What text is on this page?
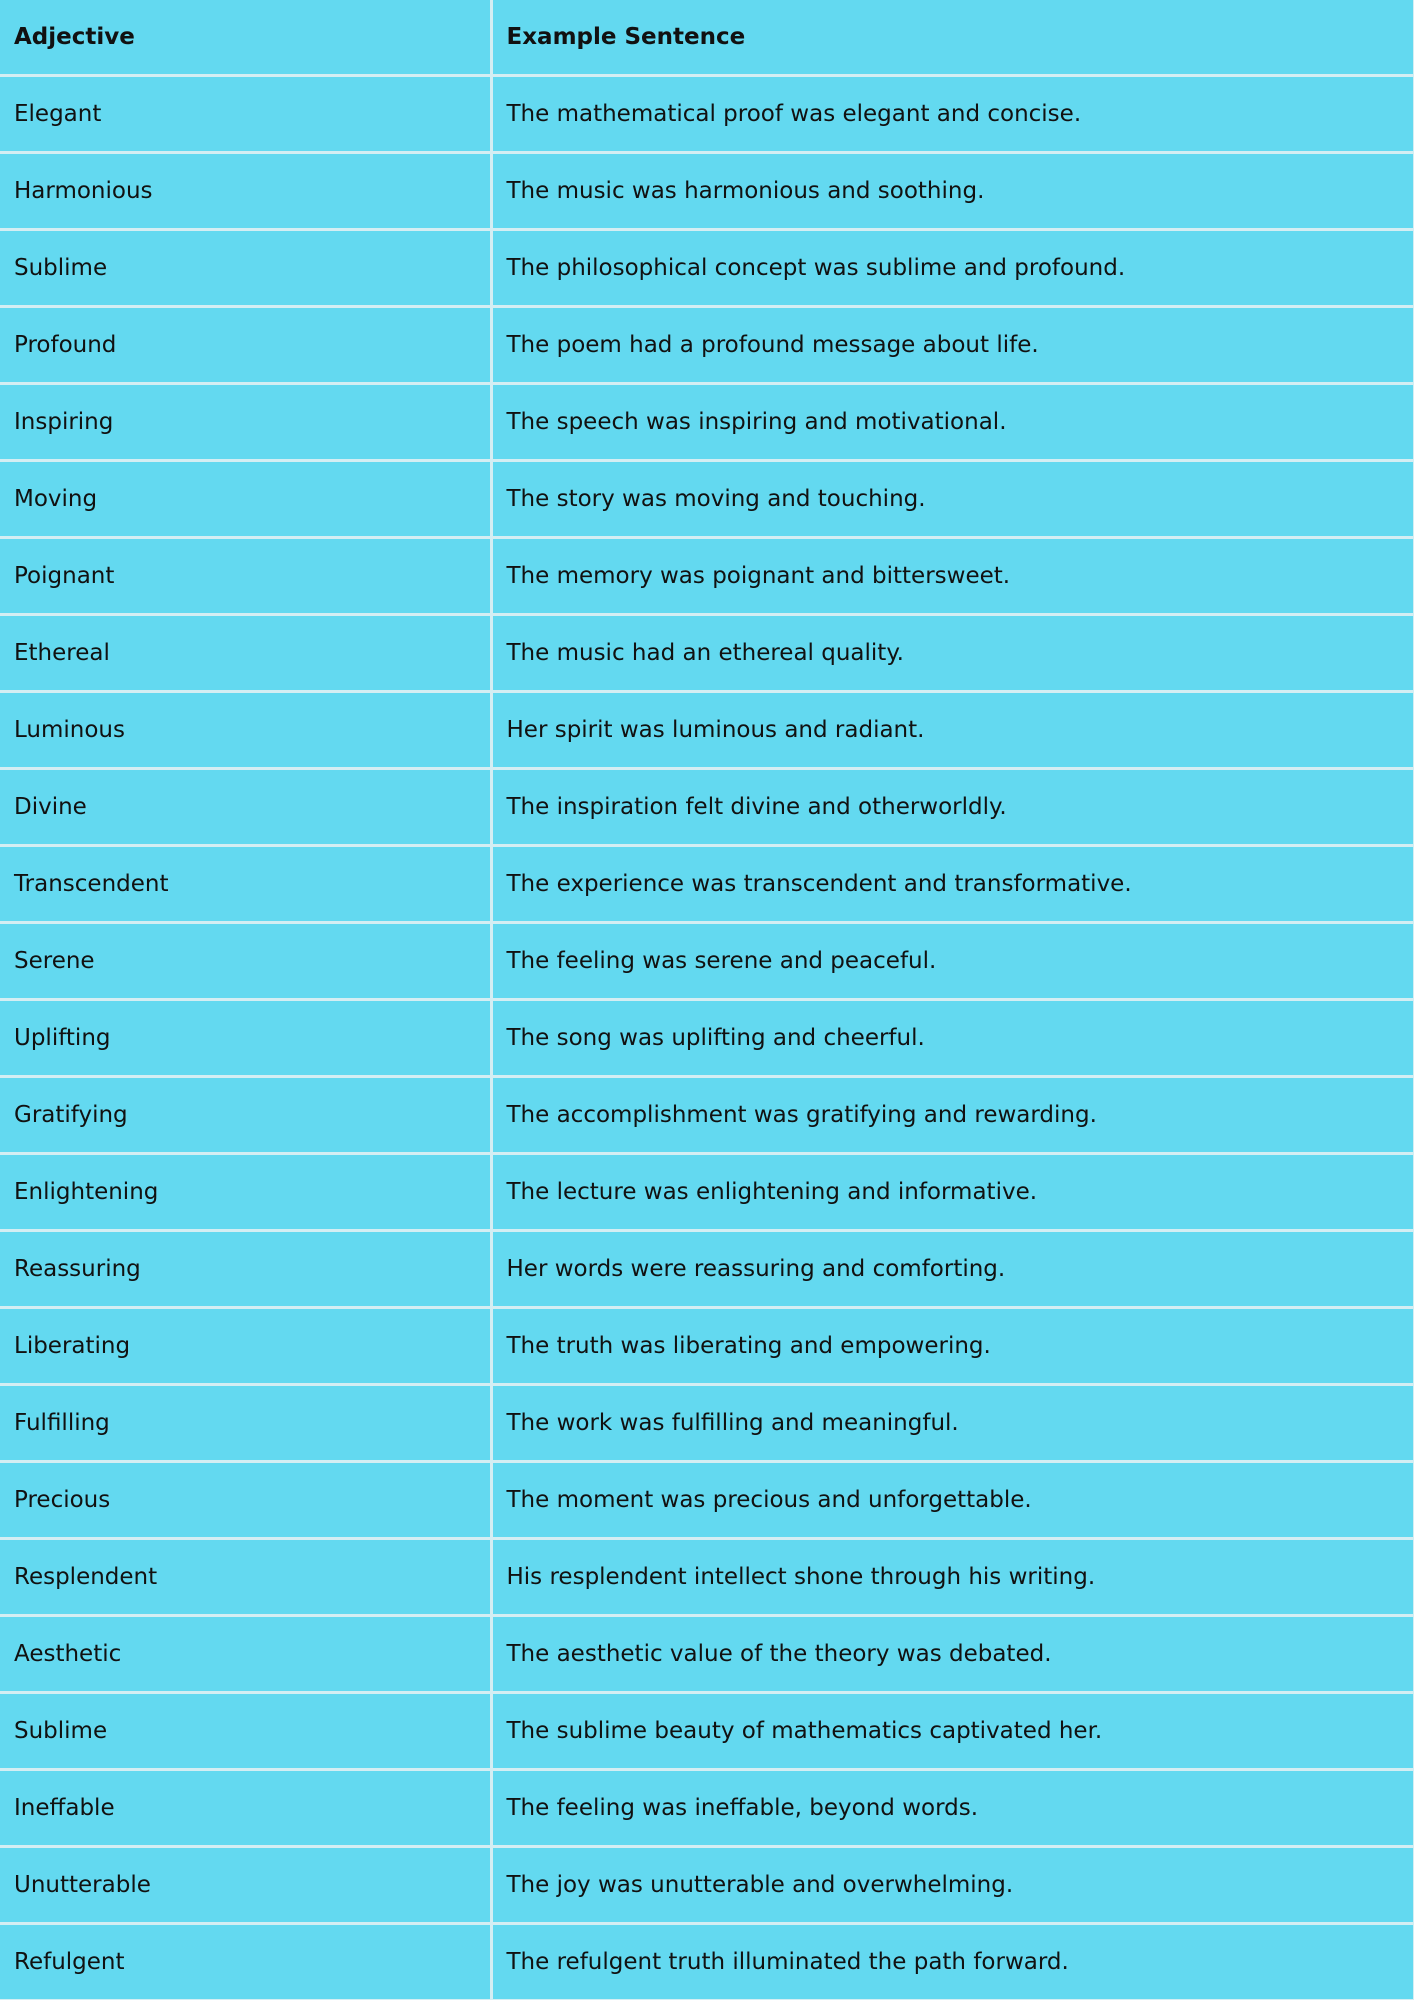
Adjective	Example Sentence
Elegant	The mathematical proof was elegant and concise.
Harmonious	The music was harmonious and soothing.
Sublime	The philosophical concept was sublime and profound.
Profound	The poem had a profound message about life.
Inspiring	The speech was inspiring and motivational.
Moving	The story was moving and touching.
Poignant	The memory was poignant and bittersweet.
Ethereal	The music had an ethereal quality.
Luminous	Her spirit was luminous and radiant.
Divine	The inspiration felt divine and otherworldly.
Transcendent	The experience was transcendent and transformative.
Serene	The feeling was serene and peaceful.
Uplifting	The song was uplifting and cheerful.
Gratifying	The accomplishment was gratifying and rewarding.
Enlightening	The lecture was enlightening and informative.
Reassuring	Her words were reassuring and comforting.
Liberating	The truth was liberating and empowering.
Fulfilling	The work was fulfilling and meaningful.
Precious	The moment was precious and unforgettable.
Resplendent	His resplendent intellect shone through his writing.
Aesthetic	The aesthetic value of the theory was debated.
Sublime	The sublime beauty of mathematics captivated her.
Ineffable	The feeling was ineffable, beyond words.
Unutterable	The joy was unutterable and overwhelming.
Refulgent	The refulgent truth illuminated the path forward.
